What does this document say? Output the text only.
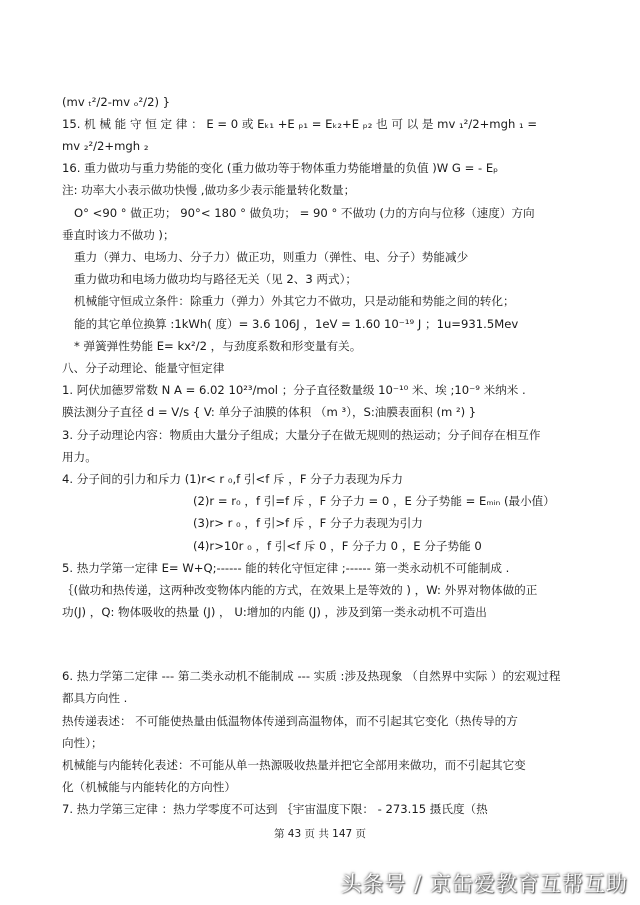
(mv ₜ²/2-mv ₒ²/2) }
15. 机 械 能 守 恒 定 律 ： E = 0 或 Eₖ₁ +E ₚ₁ = Eₖ₂+E ₚ₂ 也 可 以 是 mv ₁²/2+mgh ₁ =
mv ₂²/2+mgh ₂
16. 重力做功与重力势能的变化 (重力做功等于物体重力势能增量的负值 )W G = - Eₚ
注: 功率大小表示做功快慢 ,做功多少表示能量转化数量；
O° <90 ° 做正功； 90°< 180 ° 做负功； = 90 ° 不做功 (力的方向与位移（速度）方向
垂直时该力不做功 )；
重力（弹力、电场力、分子力）做正功，则重力（弹性、电、分子）势能减少
重力做功和电场力做功均与路径无关（见 2、3 两式）；
机械能守恒成立条件：除重力（弹力）外其它力不做功，只是动能和势能之间的转化；
能的其它单位换算 :1kWh( 度）= 3.6 106J ，1eV = 1.60 10⁻¹⁹ J ；1u=931.5Mev
* 弹簧弹性势能 E= kx²/2 ，与劲度系数和形变量有关。
八、分子动理论、能量守恒定律
1. 阿伏加德罗常数 N A = 6.02 10²³/mol ；分子直径数量级 10⁻¹⁰ 米、埃 ;10⁻⁹ 米纳米 .
膜法测分子直径 d = V/s { V: 单分子油膜的体积 （m ³），S:油膜表面积 (m ²) }
3. 分子动理论内容：物质由大量分子组成；大量分子在做无规则的热运动；分子间存在相互作
用力。
4. 分子间的引力和斥力 (1)r< r ₀,f 引<f 斥 ，F 分子力表现为斥力
(2)r = r₀ ，f 引=f 斥 ，F 分子力 = 0 ，E 分子势能 = Eₘᵢₙ (最小值）
(3)r> r ₀ ，f 引>f 斥 ，F 分子力表现为引力
(4)r>10r ₀ ，f 引<f 斥 0 ，F 分子力 0 ，E 分子势能 0
5. 热力学第一定律 E= W+Q;------ 能的转化守恒定律 ;------ 第一类永动机不可能制成 .
｛(做功和热传递，这两种改变物体内能的方式，在效果上是等效的 ) ，W: 外界对物体做的正
功(J) ，Q: 物体吸收的热量 (J) ， U:增加的内能 (J) ，涉及到第一类永动机不可造出
6. 热力学第二定律 --- 第二类永动机不能制成 --- 实质 :涉及热现象 （自然界中实际 ）的宏观过程
都具方向性 .
热传递表述： 不可能使热量由低温物体传递到高温物体，而不引起其它变化（热传导的方
向性）；
机械能与内能转化表述：不可能从单一热源吸收热量并把它全部用来做功，而不引起其它变
化（机械能与内能转化的方向性）
7. 热力学第三定律 ：热力学零度不可达到 ｛宇宙温度下限： - 273.15 摄氏度（热
第 43 页 共 147 页
头条号 / 京缶爱教育互帮互助
